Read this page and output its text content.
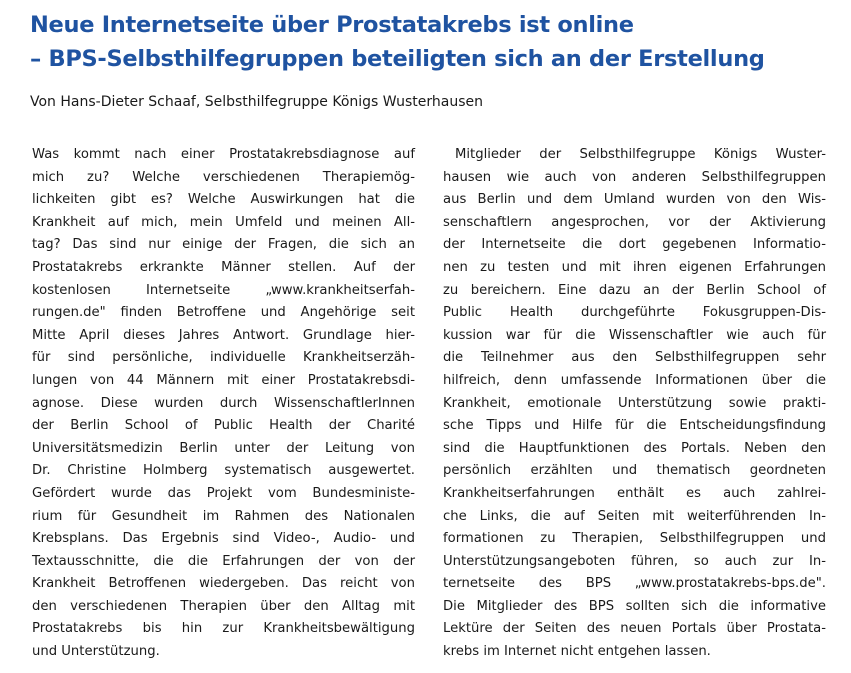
Neue Internetseite über Prostatakrebs ist online
– BPS-Selbsthilfegruppen beteiligten sich an der Erstellung

Von Hans-Dieter Schaaf, Selbsthilfegruppe Königs Wusterhausen

Was kommt nach einer Prostatakrebsdiagnose auf
mich zu? Welche verschiedenen Therapiemög-
lichkeiten gibt es? Welche Auswirkungen hat die
Krankheit auf mich, mein Umfeld und meinen All-
tag? Das sind nur einige der Fragen, die sich an
Prostatakrebs erkrankte Männer stellen. Auf der
kostenlosen Internetseite „www.krankheitserfah-
rungen.de" finden Betroffene und Angehörige seit
Mitte April dieses Jahres Antwort. Grundlage hier-
für sind persönliche, individuelle Krankheitserzäh-
lungen von 44 Männern mit einer Prostatakrebsdi-
agnose. Diese wurden durch WissenschaftlerInnen
der Berlin School of Public Health der Charité
Universitätsmedizin Berlin unter der Leitung von
Dr. Christine Holmberg systematisch ausgewertet.
Gefördert wurde das Projekt vom Bundesministe-
rium für Gesundheit im Rahmen des Nationalen
Krebsplans. Das Ergebnis sind Video-, Audio- und
Textausschnitte, die die Erfahrungen der von der
Krankheit Betroffenen wiedergeben. Das reicht von
den verschiedenen Therapien über den Alltag mit
Prostatakrebs bis hin zur Krankheitsbewältigung
und Unterstützung.
Mitglieder der Selbsthilfegruppe Königs Wuster-
hausen wie auch von anderen Selbsthilfegruppen
aus Berlin und dem Umland wurden von den Wis-
senschaftlern angesprochen, vor der Aktivierung
der Internetseite die dort gegebenen Informatio-
nen zu testen und mit ihren eigenen Erfahrungen
zu bereichern. Eine dazu an der Berlin School of
Public Health durchgeführte Fokusgruppen-Dis-
kussion war für die Wissenschaftler wie auch für
die Teilnehmer aus den Selbsthilfegruppen sehr
hilfreich, denn umfassende Informationen über die
Krankheit, emotionale Unterstützung sowie prakti-
sche Tipps und Hilfe für die Entscheidungsfindung
sind die Hauptfunktionen des Portals. Neben den
persönlich erzählten und thematisch geordneten
Krankheitserfahrungen enthält es auch zahlrei-
che Links, die auf Seiten mit weiterführenden In-
formationen zu Therapien, Selbsthilfegruppen und
Unterstützungsangeboten führen, so auch zur In-
ternetseite des BPS „www.prostatakrebs-bps.de".
Die Mitglieder des BPS sollten sich die informative
Lektüre der Seiten des neuen Portals über Prostata-
krebs im Internet nicht entgehen lassen.
